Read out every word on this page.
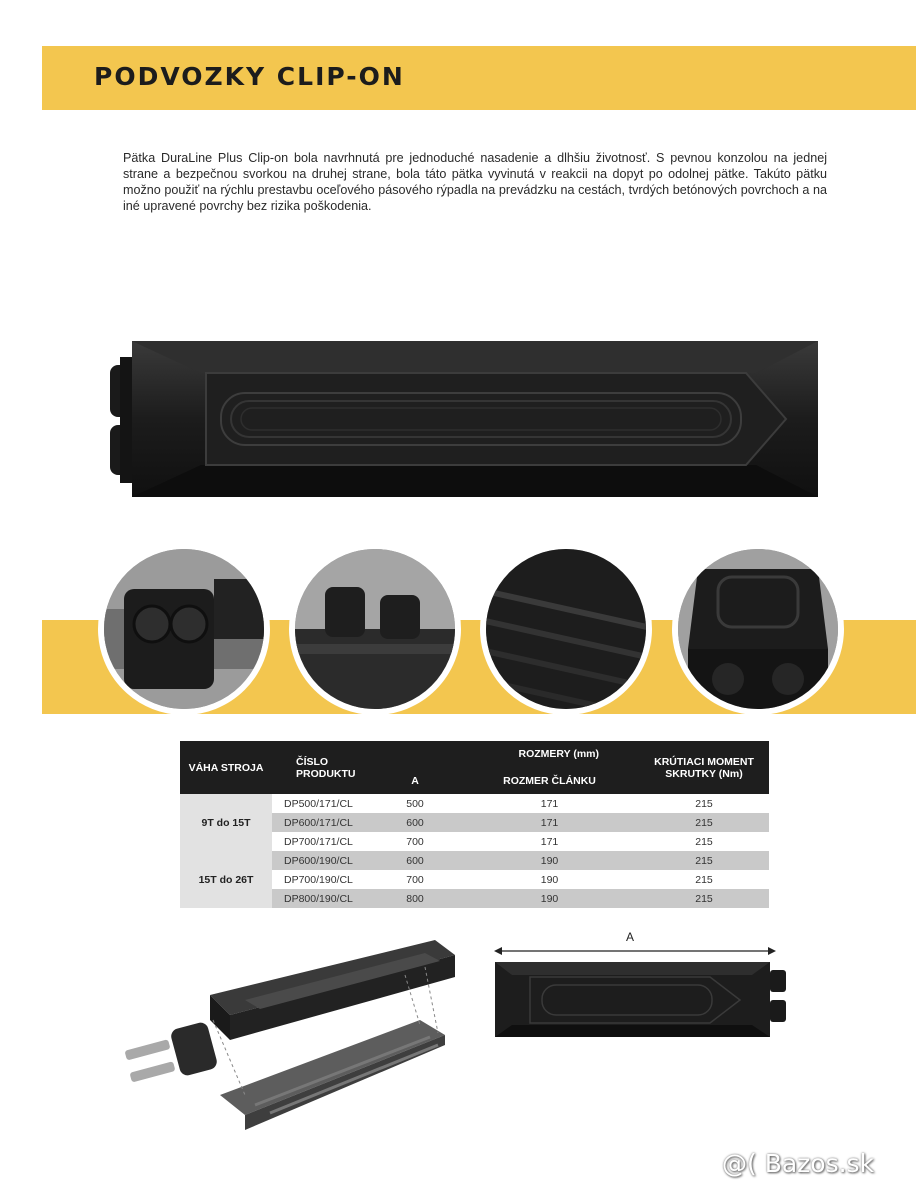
PODVOZKY CLIP-ON

Pätka DuraLine Plus Clip-on bola navrhnutá pre jednoduché nasadenie a dlhšiu životnosť. S pevnou konzolou na jednej strane a bezpečnou svorkou na druhej strane, bola táto pätka vyvinutá v reakcii na dopyt po odolnej pätke. Takúto pätku možno použiť na rýchlu prestavbu oceľového pásového rýpadla na prevádzku na cestách, tvrdých betónových povrchoch a na iné upravené povrchy bez rizika poškodenia.

VÁHA STROJA	ČÍSLO PRODUKTU	ROZMERY (mm)		KRÚTIACI MOMENT SKRUTKY (Nm)
		A	ROZMER ČLÁNKU	
9T do 15T	DP500/171/CL	500	171	215
	DP600/171/CL	600	171	215
	DP700/171/CL	700	171	215
15T do 26T	DP600/190/CL	600	190	215
	DP700/190/CL	700	190	215
	DP800/190/CL	800	190	215
A
@( Bazos.sk
